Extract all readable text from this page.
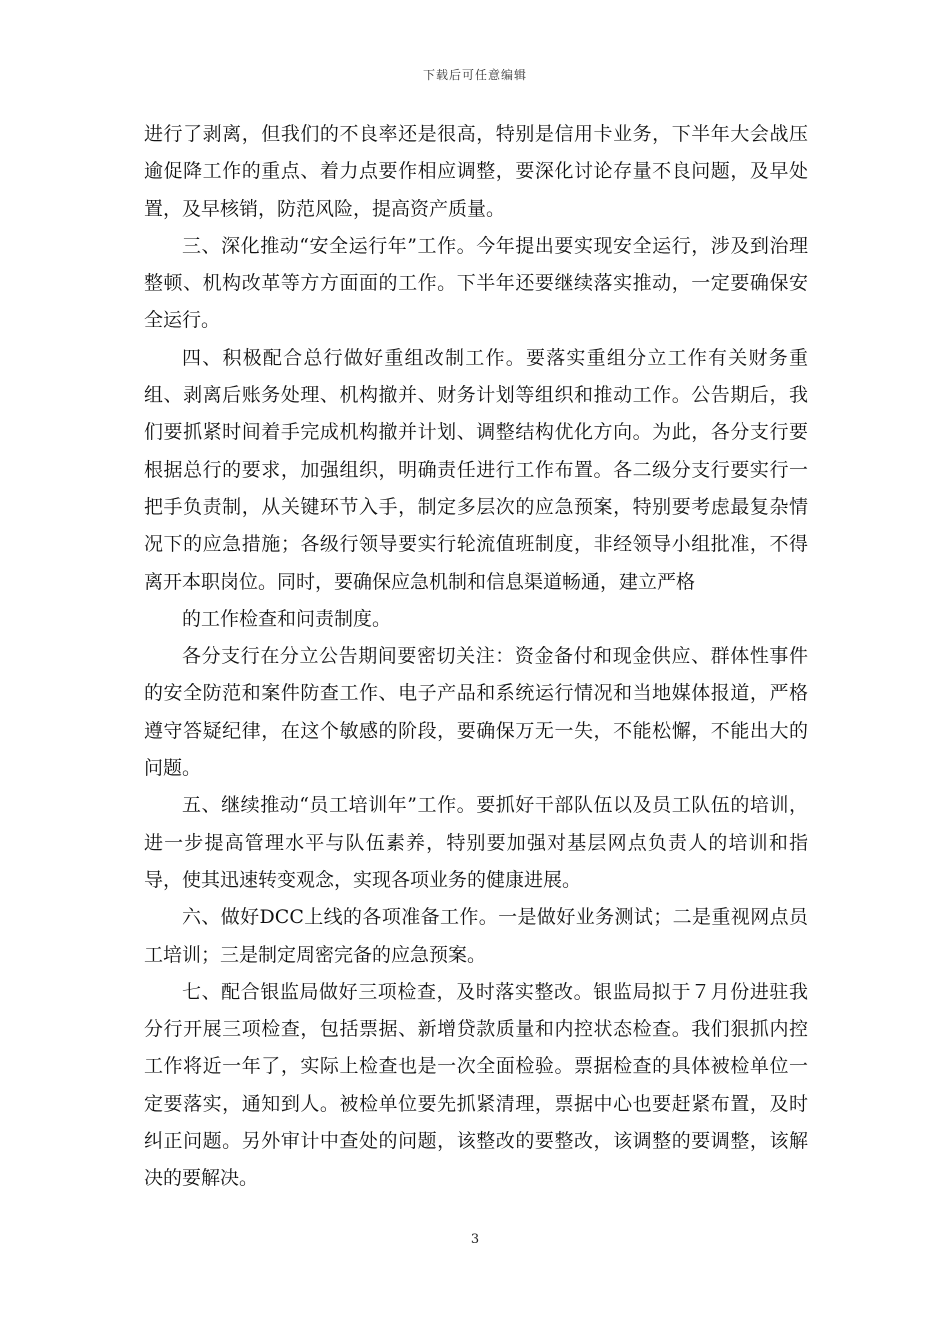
下载后可任意编辑

进行了剥离，但我们的不良率还是很高，特别是信用卡业务，下半年大会战压逾促降工作的重点、着力点要作相应调整，要深化讨论存量不良问题，及早处置，及早核销，防范风险，提高资产质量。

三、深化推动“安全运行年”工作。今年提出要实现安全运行，涉及到治理整顿、机构改革等方方面面的工作。下半年还要继续落实推动，一定要确保安全运行。

四、积极配合总行做好重组改制工作。要落实重组分立工作有关财务重组、剥离后账务处理、机构撤并、财务计划等组织和推动工作。公告期后，我们要抓紧时间着手完成机构撤并计划、调整结构优化方向。为此，各分支行要根据总行的要求，加强组织，明确责任进行工作布置。各二级分支行要实行一把手负责制，从关键环节入手，制定多层次的应急预案，特别要考虑最复杂情况下的应急措施；各级行领导要实行轮流值班制度，非经领导小组批准，不得离开本职岗位。同时，要确保应急机制和信息渠道畅通，建立严格

的工作检查和问责制度。

各分支行在分立公告期间要密切关注：资金备付和现金供应、群体性事件的安全防范和案件防查工作、电子产品和系统运行情况和当地媒体报道，严格遵守答疑纪律，在这个敏感的阶段，要确保万无一失，不能松懈，不能出大的问题。

五、继续推动“员工培训年”工作。要抓好干部队伍以及员工队伍的培训，进一步提高管理水平与队伍素养，特别要加强对基层网点负责人的培训和指导，使其迅速转变观念，实现各项业务的健康进展。

六、做好DCC上线的各项准备工作。一是做好业务测试；二是重视网点员工培训；三是制定周密完备的应急预案。

七、配合银监局做好三项检查，及时落实整改。银监局拟于７月份进驻我分行开展三项检查，包括票据、新增贷款质量和内控状态检查。我们狠抓内控工作将近一年了，实际上检查也是一次全面检验。票据检查的具体被检单位一定要落实，通知到人。被检单位要先抓紧清理，票据中心也要赶紧布置，及时纠正问题。另外审计中查处的问题，该整改的要整改，该调整的要调整，该解决的要解决。

3
